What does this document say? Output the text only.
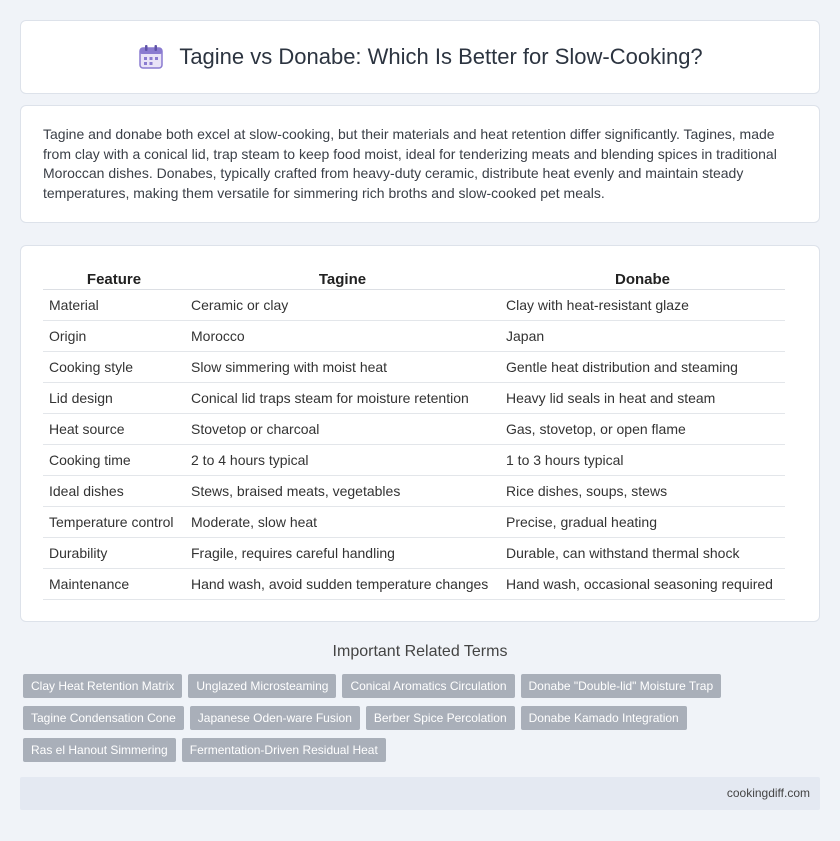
Tagine vs Donabe: Which Is Better for Slow-Cooking?

Tagine and donabe both excel at slow-cooking, but their materials and heat retention differ significantly. Tagines, made from clay with a conical lid, trap steam to keep food moist, ideal for tenderizing meats and blending spices in traditional Moroccan dishes. Donabes, typically crafted from heavy-duty ceramic, distribute heat evenly and maintain steady temperatures, making them versatile for simmering rich broths and slow-cooked pet meals.

Feature	Tagine	Donabe
Material	Ceramic or clay	Clay with heat-resistant glaze
Origin	Morocco	Japan
Cooking style	Slow simmering with moist heat	Gentle heat distribution and steaming
Lid design	Conical lid traps steam for moisture retention	Heavy lid seals in heat and steam
Heat source	Stovetop or charcoal	Gas, stovetop, or open flame
Cooking time	2 to 4 hours typical	1 to 3 hours typical
Ideal dishes	Stews, braised meats, vegetables	Rice dishes, soups, stews
Temperature control	Moderate, slow heat	Precise, gradual heating
Durability	Fragile, requires careful handling	Durable, can withstand thermal shock
Maintenance	Hand wash, avoid sudden temperature changes	Hand wash, occasional seasoning required
Important Related Terms
Clay Heat Retention Matrix	Unglazed Microsteaming	Conical Aromatics Circulation	Donabe "Double-lid" Moisture Trap
Tagine Condensation Cone	Japanese Oden-ware Fusion	Berber Spice Percolation	Donabe Kamado Integration
Ras el Hanout Simmering	Fermentation-Driven Residual Heat
cookingdiff.com
